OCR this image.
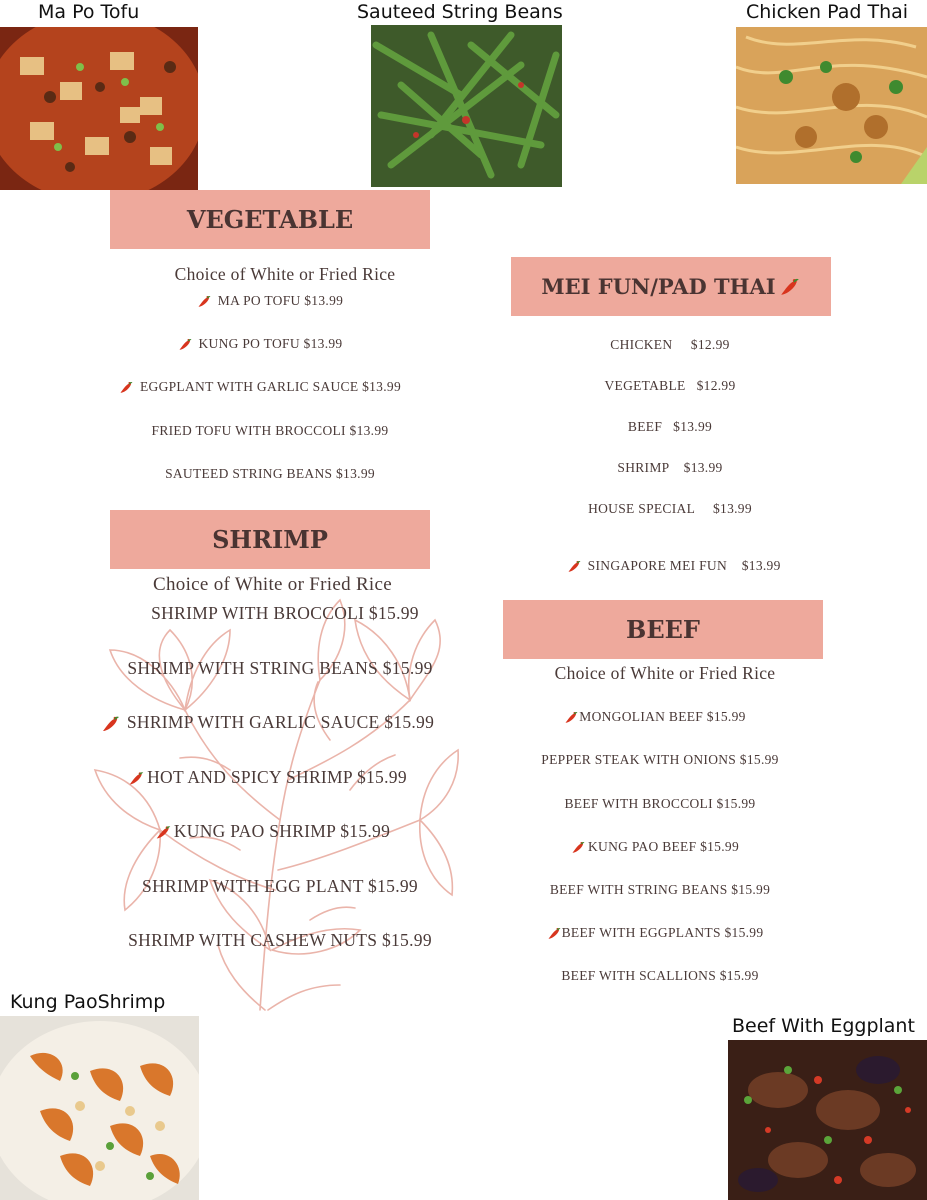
Ma Po Tofu	Sauteed String Beans	Chicken Pad Thai
Kung PaoShrimp
Beef With Eggplant
VEGETABLE
Choice of White or Fried Rice
MA PO TOFU $13.99
KUNG PO TOFU $13.99
EGGPLANT WITH GARLIC SAUCE $13.99
FRIED TOFU WITH BROCCOLI $13.99
SAUTEED STRING BEANS $13.99
MEI FUN/PAD THAI
CHICKEN     $12.99
VEGETABLE   $12.99
BEEF   $13.99
SHRIMP    $13.99
HOUSE SPECIAL     $13.99

SINGAPORE MEI FUN    $13.99

SHRIMP
Choice of White or Fried Rice
SHRIMP WITH BROCCOLI $15.99
SHRIMP WITH STRING BEANS $15.99
SHRIMP WITH GARLIC SAUCE $15.99
HOT AND SPICY SHRIMP $15.99
KUNG PAO SHRIMP $15.99
SHRIMP WITH EGG PLANT $15.99
SHRIMP WITH CASHEW NUTS $15.99
BEEF
Choice of White or Fried Rice
MONGOLIAN BEEF $15.99
PEPPER STEAK WITH ONIONS $15.99
BEEF WITH BROCCOLI $15.99
KUNG PAO BEEF $15.99
BEEF WITH STRING BEANS $15.99
BEEF WITH EGGPLANTS $15.99
BEEF WITH SCALLIONS $15.99
